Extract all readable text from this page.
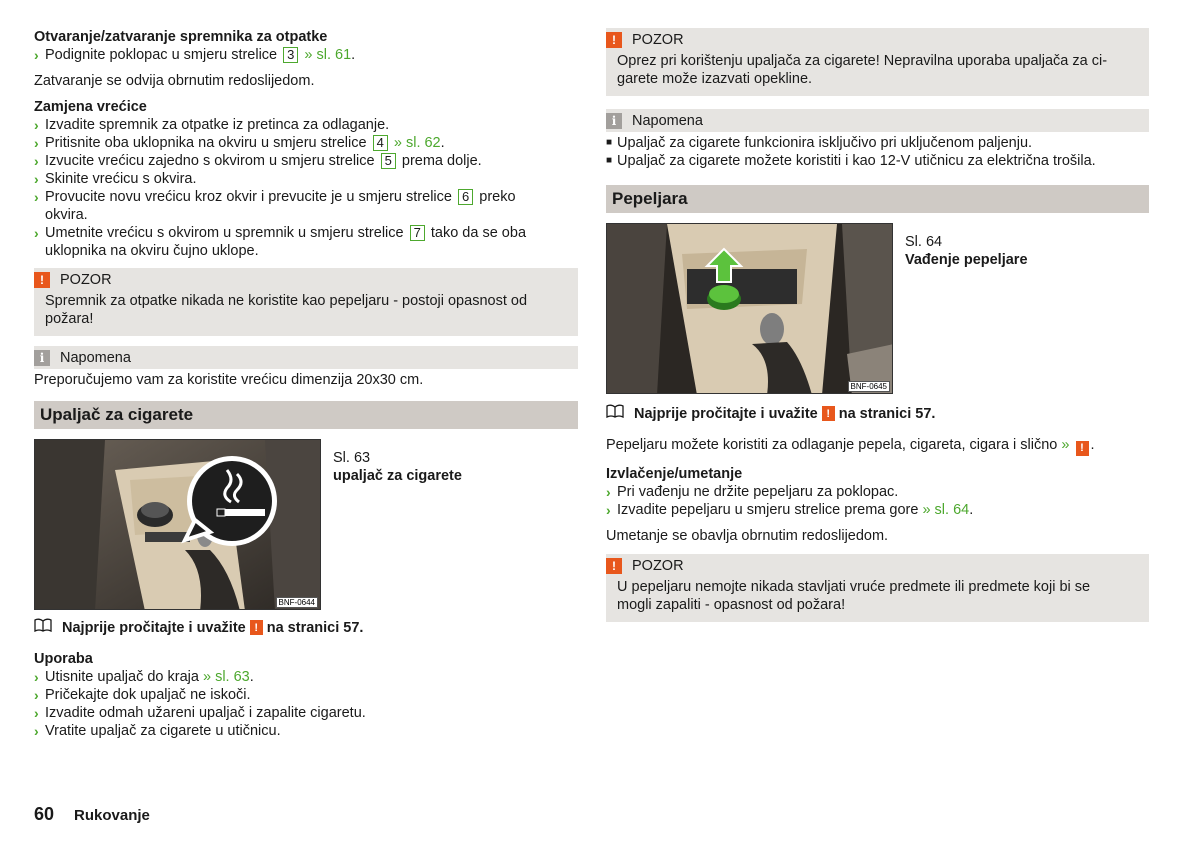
Otvaranje/zatvaranje spremnika za otpatke
› Podignite poklopac u smjeru strelice 3 » sl. 61.
Zatvaranje se odvija obrnutim redoslijedom.
Zamjena vrećice
› Izvadite spremnik za otpatke iz pretinca za odlaganje.
› Pritisnite oba uklopnika na okviru u smjeru strelice 4 » sl. 62.
› Izvucite vrećicu zajedno s okvirom u smjeru strelice 5 prema dolje.
› Skinite vrećicu s okvira.
› Provucite novu vrećicu kroz okvir i prevucite je u smjeru strelice 6 preko
okvira.
› Umetnite vrećicu s okvirom u spremnik u smjeru strelice 7 tako da se oba
uklopnika na okviru čujno uklope.
!	POZOR
Spremnik za otpatke nikada ne koristite kao pepeljaru - postoji opasnost od
požara!
i	Napomena
Preporučujemo vam za koristite vrećicu dimenzija 20x30 cm.
Upaljač za cigarete
BNF-0644
Sl. 63
upaljač za cigarete
Najprije pročitajte i uvažite ! na stranici 57.
Uporaba
› Utisnite upaljač do kraja » sl. 63.
› Pričekajte dok upaljač ne iskoči.
› Izvadite odmah užareni upaljač i zapalite cigaretu.
› Vratite upaljač za cigarete u utičnicu.
!	POZOR
Oprez pri korištenju upaljača za cigarete! Nepravilna uporaba upaljača za ci-
garete može izazvati opekline.
i	Napomena
■ Upaljač za cigarete funkcionira isključivo pri uključenom paljenju.
■ Upaljač za cigarete možete koristiti i kao 12-V utičnicu za električna trošila.
Pepeljara
BNF-0645
Sl. 64
Vađenje pepeljare
Najprije pročitajte i uvažite ! na stranici 57.
Pepeljaru možete koristiti za odlaganje pepela, cigareta, cigara i slično » ! .
Izvlačenje/umetanje
› Pri vađenju ne držite pepeljaru za poklopac.
› Izvadite pepeljaru u smjeru strelice prema gore » sl. 64.
Umetanje se obavlja obrnutim redoslijedom.
!	POZOR
U pepeljaru nemojte nikada stavljati vruće predmete ili predmete koji bi se
mogli zapaliti - opasnost od požara!
60 Rukovanje
